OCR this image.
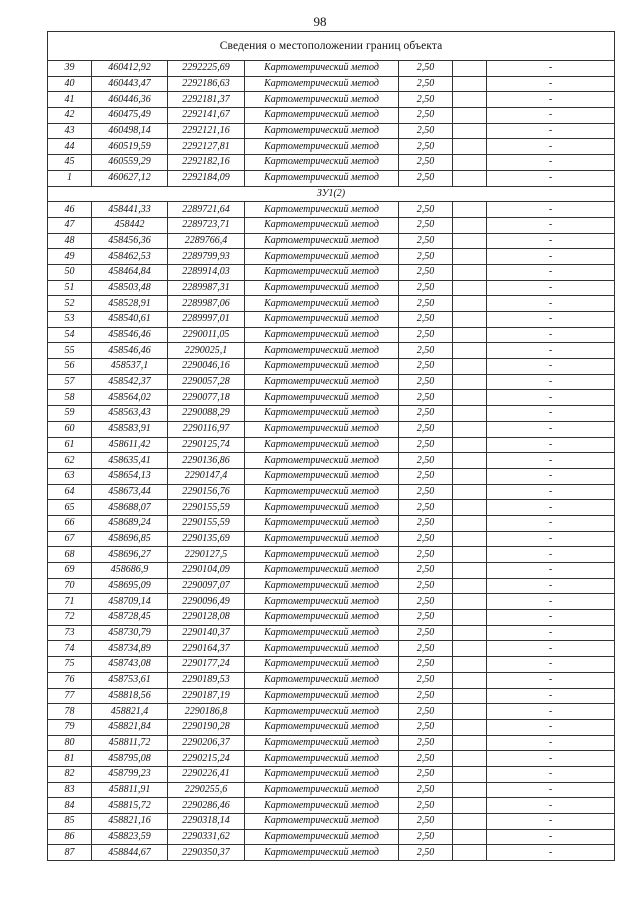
98
Сведения о местоположении границ объекта						
39	460412,92	2292225,69	Картометрический метод	2,50		-
40	460443,47	2292186,63	Картометрический метод	2,50		-
41	460446,36	2292181,37	Картометрический метод	2,50		-
42	460475,49	2292141,67	Картометрический метод	2,50		-
43	460498,14	2292121,16	Картометрический метод	2,50		-
44	460519,59	2292127,81	Картометрический метод	2,50		-
45	460559,29	2292182,16	Картометрический метод	2,50		-
1	460627,12	2292184,09	Картометрический метод	2,50		-
ЗУ1(2)						
46	458441,33	2289721,64	Картометрический метод	2,50		-
47	458442	2289723,71	Картометрический метод	2,50		-
48	458456,36	2289766,4	Картометрический метод	2,50		-
49	458462,53	2289799,93	Картометрический метод	2,50		-
50	458464,84	2289914,03	Картометрический метод	2,50		-
51	458503,48	2289987,31	Картометрический метод	2,50		-
52	458528,91	2289987,06	Картометрический метод	2,50		-
53	458540,61	2289997,01	Картометрический метод	2,50		-
54	458546,46	2290011,05	Картометрический метод	2,50		-
55	458546,46	2290025,1	Картометрический метод	2,50		-
56	458537,1	2290046,16	Картометрический метод	2,50		-
57	458542,37	2290057,28	Картометрический метод	2,50		-
58	458564,02	2290077,18	Картометрический метод	2,50		-
59	458563,43	2290088,29	Картометрический метод	2,50		-
60	458583,91	2290116,97	Картометрический метод	2,50		-
61	458611,42	2290125,74	Картометрический метод	2,50		-
62	458635,41	2290136,86	Картометрический метод	2,50		-
63	458654,13	2290147,4	Картометрический метод	2,50		-
64	458673,44	2290156,76	Картометрический метод	2,50		-
65	458688,07	2290155,59	Картометрический метод	2,50		-
66	458689,24	2290155,59	Картометрический метод	2,50		-
67	458696,85	2290135,69	Картометрический метод	2,50		-
68	458696,27	2290127,5	Картометрический метод	2,50		-
69	458686,9	2290104,09	Картометрический метод	2,50		-
70	458695,09	2290097,07	Картометрический метод	2,50		-
71	458709,14	2290096,49	Картометрический метод	2,50		-
72	458728,45	2290128,08	Картометрический метод	2,50		-
73	458730,79	2290140,37	Картометрический метод	2,50		-
74	458734,89	2290164,37	Картометрический метод	2,50		-
75	458743,08	2290177,24	Картометрический метод	2,50		-
76	458753,61	2290189,53	Картометрический метод	2,50		-
77	458818,56	2290187,19	Картометрический метод	2,50		-
78	458821,4	2290186,8	Картометрический метод	2,50		-
79	458821,84	2290190,28	Картометрический метод	2,50		-
80	458811,72	2290206,37	Картометрический метод	2,50		-
81	458795,08	2290215,24	Картометрический метод	2,50		-
82	458799,23	2290226,41	Картометрический метод	2,50		-
83	458811,91	2290255,6	Картометрический метод	2,50		-
84	458815,72	2290286,46	Картометрический метод	2,50		-
85	458821,16	2290318,14	Картометрический метод	2,50		-
86	458823,59	2290331,62	Картометрический метод	2,50		-
87	458844,67	2290350,37	Картометрический метод	2,50		-
